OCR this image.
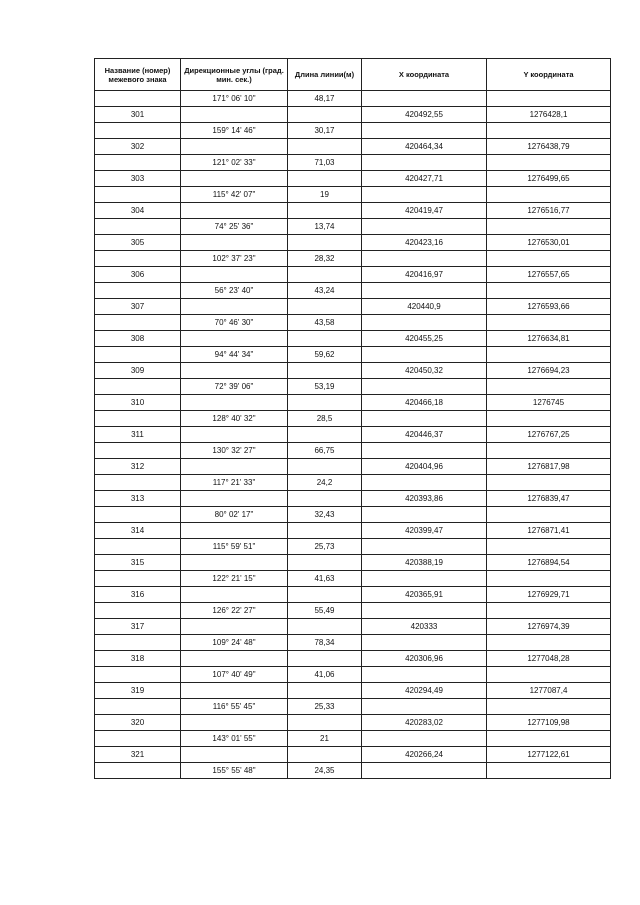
Название (номер) межевого знака	Дирекционные углы (град. мин. сек.)	Длина линии(м)	X координата	Y координата
	171° 06' 10"	48,17		
301			420492,55	1276428,1
	159° 14' 46"	30,17		
302			420464,34	1276438,79
	121° 02' 33"	71,03		
303			420427,71	1276499,65
	115° 42' 07"	19		
304			420419,47	1276516,77
	74° 25' 36"	13,74		
305			420423,16	1276530,01
	102° 37' 23"	28,32		
306			420416,97	1276557,65
	56° 23' 40"	43,24		
307			420440,9	1276593,66
	70° 46' 30"	43,58		
308			420455,25	1276634,81
	94° 44' 34"	59,62		
309			420450,32	1276694,23
	72° 39' 06"	53,19		
310			420466,18	1276745
	128° 40' 32"	28,5		
311			420446,37	1276767,25
	130° 32' 27"	66,75		
312			420404,96	1276817,98
	117° 21' 33"	24,2		
313			420393,86	1276839,47
	80° 02' 17"	32,43		
314			420399,47	1276871,41
	115° 59' 51"	25,73		
315			420388,19	1276894,54
	122° 21' 15"	41,63		
316			420365,91	1276929,71
	126° 22' 27"	55,49		
317			420333	1276974,39
	109° 24' 48"	78,34		
318			420306,96	1277048,28
	107° 40' 49"	41,06		
319			420294,49	1277087,4
	116° 55' 45"	25,33		
320			420283,02	1277109,98
	143° 01' 55"	21		
321			420266,24	1277122,61
	155° 55' 48"	24,35		
